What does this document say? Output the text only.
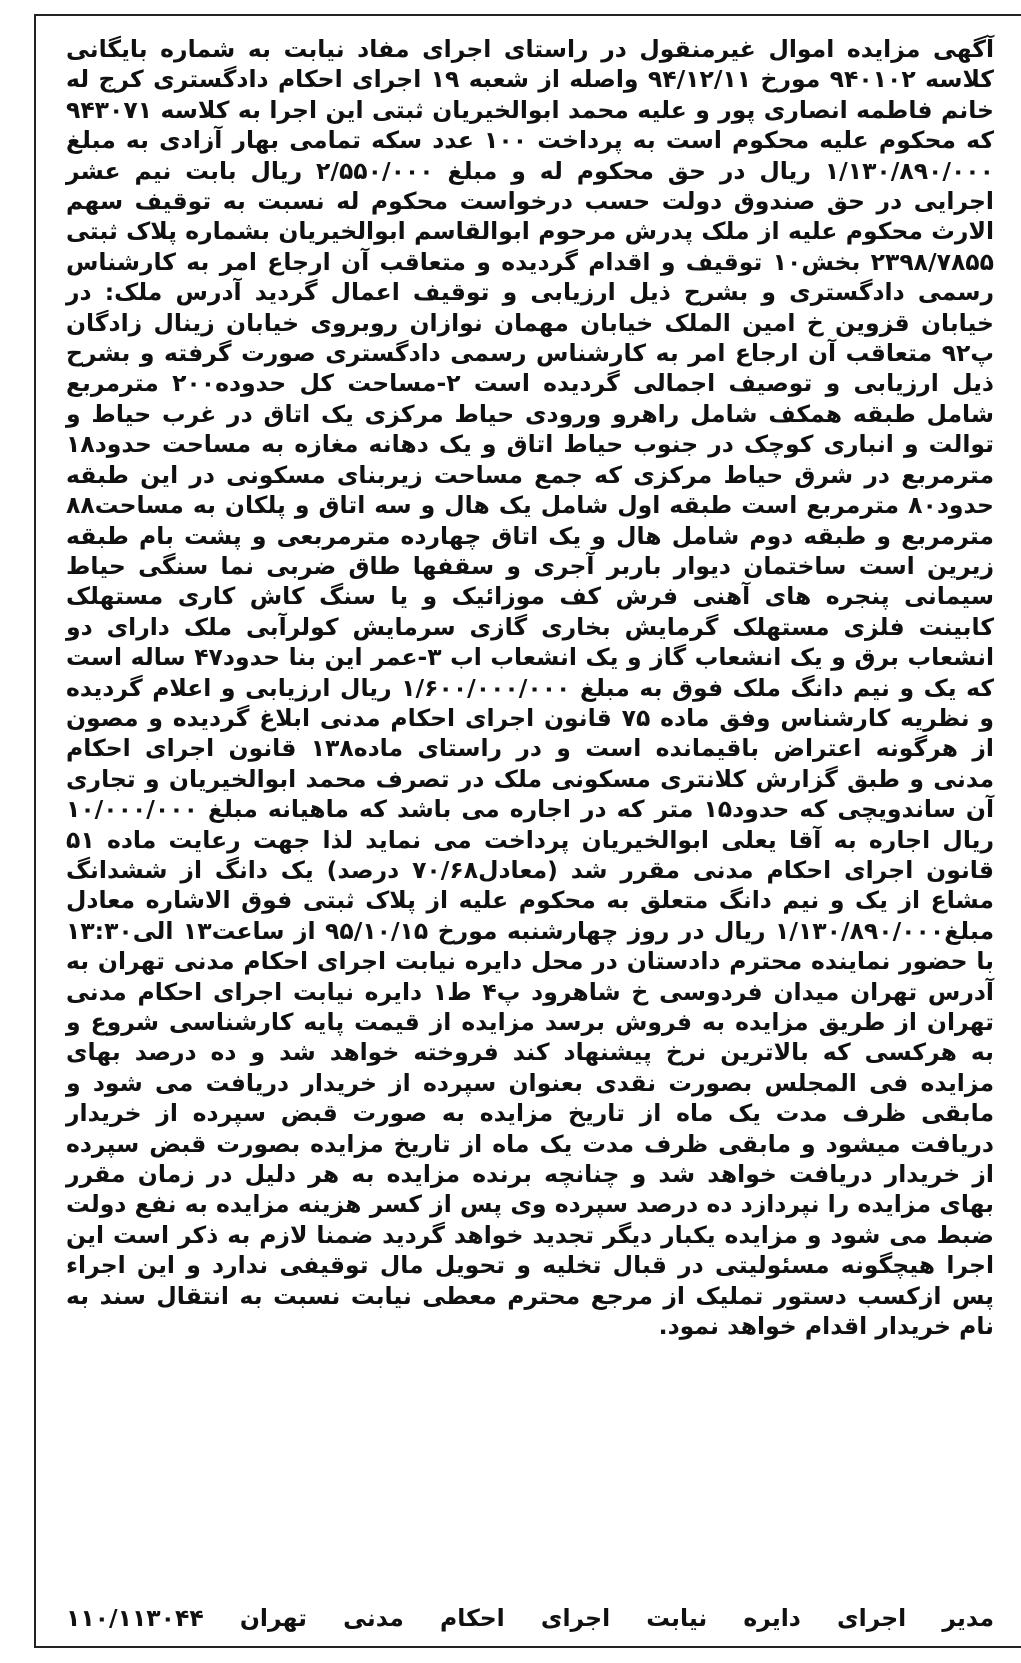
آگهی مزایده اموال غیرمنقول در راستای اجرای مفاد نیابت به شماره بایگانی کلاسه ۹۴۰۱۰۲ مورخ ۹۴/۱۲/۱۱ واصله از شعبه ۱۹ اجرای احکام دادگستری کرج له خانم فاطمه انصاری پور و علیه محمد ابوالخیریان ثبتی این اجرا به کلاسه ۹۴۳۰۷۱ که محکوم علیه محکوم است به پرداخت ۱۰۰ عدد سکه تمامی بهار آزادی به مبلغ ۱/۱۳۰/۸۹۰/۰۰۰ ریال در حق محکوم له و مبلغ ۲/۵۵۰/۰۰۰ ریال بابت نیم عشر اجرایی در حق صندوق دولت حسب درخواست محکوم له نسبت به توقیف سهم الارث محکوم علیه از ملک پدرش مرحوم ابوالقاسم ابوالخیریان بشماره پلاک ثبتی ۲۳۹۸/۷۸۵۵ بخش۱۰ توقیف و اقدام گردیده و متعاقب آن ارجاع امر به کارشناس رسمی دادگستری و بشرح ذیل ارزیابی و توقیف اعمال گردید آدرس ملک: در خیابان قزوین خ امین الملک خیابان مهمان نوازان روبروی خیابان زینال زادگان پ۹۲ متعاقب آن ارجاع امر به کارشناس رسمی دادگستری صورت گرفته و بشرح ذیل ارزیابی و توصیف اجمالی گردیده است ۲-مساحت کل حدوده۲۰۰ مترمربع شامل طبقه همکف شامل راهرو ورودی حیاط مرکزی یک اتاق در غرب حیاط و توالت و انباری کوچک در جنوب حیاط اتاق و یک دهانه مغازه به مساحت حدود۱۸ مترمربع در شرق حیاط مرکزی که جمع مساحت زیربنای مسکونی در این طبقه حدود۸۰ مترمربع است طبقه اول شامل یک هال و سه اتاق و پلکان به مساحت۸۸ مترمربع و طبقه دوم شامل هال و یک اتاق چهارده مترمربعی و پشت بام طبقه زیرین است ساختمان دیوار باربر آجری و سقفها طاق ضربی نما سنگی حیاط سیمانی پنجره های آهنی فرش کف موزائیک و یا سنگ کاش کاری مستهلک کابینت فلزی مستهلک گرمایش بخاری گازی سرمایش کولرآبی ملک دارای دو انشعاب برق و یک انشعاب گاز و یک انشعاب اب ۳-عمر این بنا حدود۴۷ ساله است که یک و نیم دانگ ملک فوق به مبلغ ۱/۶۰۰/۰۰۰/۰۰۰ ریال ارزیابی و اعلام گردیده و نظریه کارشناس وفق ماده ۷۵ قانون اجرای احکام مدنی ابلاغ گردیده و مصون از هرگونه اعتراض باقیمانده است و در راستای ماده۱۳۸ قانون اجرای احکام مدنی و طبق گزارش کلانتری مسکونی ملک در تصرف محمد ابوالخیریان و تجاری آن ساندویچی که حدود۱۵ متر که در اجاره می باشد که ماهیانه مبلغ ۱۰/۰۰۰/۰۰۰ ریال اجاره به آقا یعلی ابوالخیریان پرداخت می نماید لذا جهت رعایت ماده ۵۱ قانون اجرای احکام مدنی مقرر شد (معادل۷۰/۶۸ درصد) یک دانگ از ششدانگ مشاع از یک و نیم دانگ متعلق به محکوم علیه از پلاک ثبتی فوق الاشاره معادل مبلغ۱/۱۳۰/۸۹۰/۰۰۰ ریال در روز چهارشنبه مورخ ۹۵/۱۰/۱۵ از ساعت۱۳ الی۱۳:۳۰ با حضور نماینده محترم دادستان در محل دایره نیابت اجرای احکام مدنی تهران به آدرس تهران میدان فردوسی خ شاهرود پ۴ ط۱ دایره نیابت اجرای احکام مدنی تهران از طریق مزایده به فروش برسد مزایده از قیمت پایه کارشناسی شروع و به هرکسی که بالاترین نرخ پیشنهاد کند فروخته خواهد شد و ده درصد بهای مزایده فی المجلس بصورت نقدی بعنوان سپرده از خریدار دریافت می شود و مابقی ظرف مدت یک ماه از تاریخ مزایده به صورت قبض سپرده از خریدار دریافت میشود و مابقی ظرف مدت یک ماه از تاریخ مزایده بصورت قبض سپرده از خریدار دریافت خواهد شد و چنانچه برنده مزایده به هر دلیل در زمان مقرر بهای مزایده را نپردازد ده درصد سپرده وی پس از کسر هزینه مزایده به نفع دولت ضبط می شود و مزایده یکبار دیگر تجدید خواهد گردید ضمنا لازم به ذکر است این اجرا هیچگونه مسئولیتی در قبال تخلیه و تحویل مال توقیفی ندارد و این اجراء پس ازکسب دستور تملیک از مرجع محترم معطی نیابت نسبت به انتقال سند به نام خریدار اقدام خواهد نمود.

مدیر اجرای دایره نیابت اجرای احکام مدنی تهران
۱۱۰/۱۱۳۰۴۴
